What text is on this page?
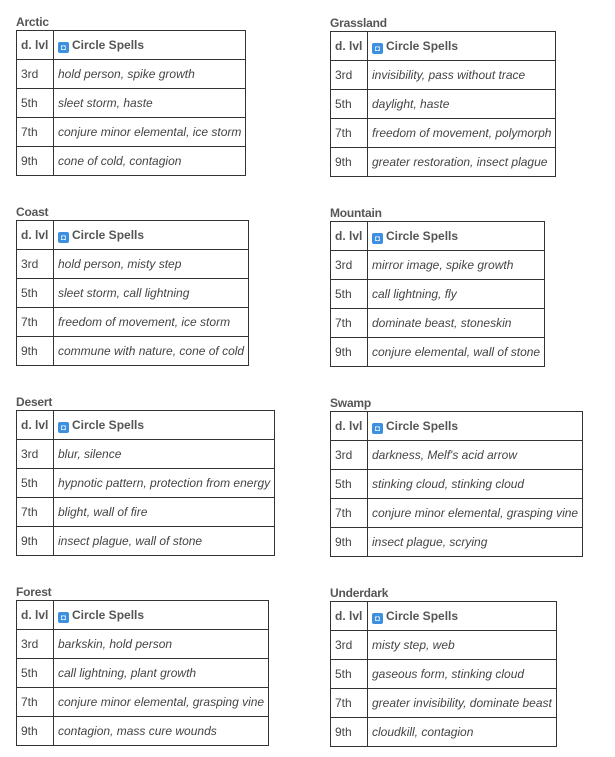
Arctic
d. lvl	◘ Circle Spells
3rd	hold person, spike growth
5th	sleet storm, haste
7th	conjure minor elemental, ice storm
9th	cone of cold, contagion
Grassland
d. lvl	◘ Circle Spells
3rd	invisibility, pass without trace
5th	daylight, haste
7th	freedom of movement, polymorph
9th	greater restoration, insect plague
Coast
d. lvl	◘ Circle Spells
3rd	hold person, misty step
5th	sleet storm, call lightning
7th	freedom of movement, ice storm
9th	commune with nature, cone of cold
Mountain
d. lvl	◘ Circle Spells
3rd	mirror image, spike growth
5th	call lightning, fly
7th	dominate beast, stoneskin
9th	conjure elemental, wall of stone
Desert
d. lvl	◘ Circle Spells
3rd	blur, silence
5th	hypnotic pattern, protection from energy
7th	blight, wall of fire
9th	insect plague, wall of stone
Swamp
d. lvl	◘ Circle Spells
3rd	darkness, Melf's acid arrow
5th	stinking cloud, stinking cloud
7th	conjure minor elemental, grasping vine
9th	insect plague, scrying
Forest
d. lvl	◘ Circle Spells
3rd	barkskin, hold person
5th	call lightning, plant growth
7th	conjure minor elemental, grasping vine
9th	contagion, mass cure wounds
Underdark
d. lvl	◘ Circle Spells
3rd	misty step, web
5th	gaseous form, stinking cloud
7th	greater invisibility, dominate beast
9th	cloudkill, contagion
